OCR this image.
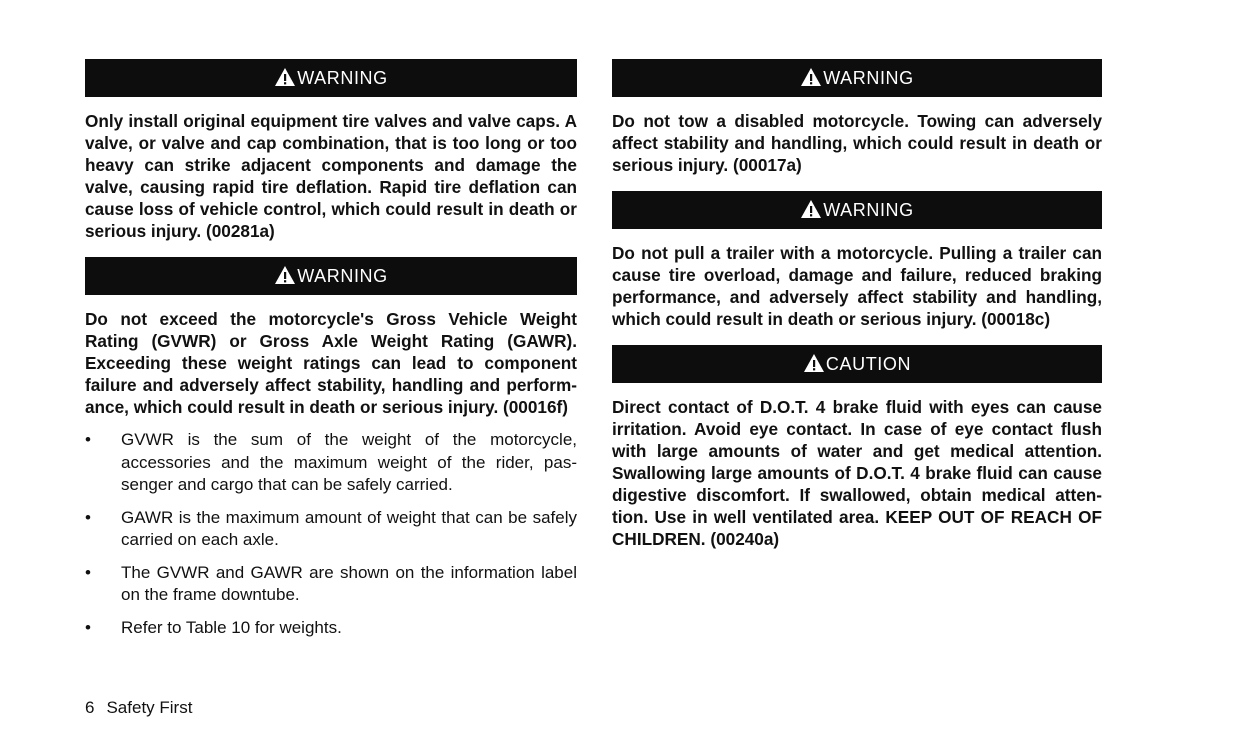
WARNING

Only install original equipment tire valves and valve caps. A valve, or valve and cap combination, that is too long or too heavy can strike adjacent components and damage the valve, causing rapid tire deflation. Rapid tire deflation can cause loss of vehicle control, which could result in death or serious injury. (00281a)

WARNING

Do not exceed the motorcycle's Gross Vehicle Weight Rating (GVWR) or Gross Axle Weight Rating (GAWR). Exceeding these weight ratings can lead to component failure and adversely affect stability, handling and perform-ance, which could result in death or serious injury. (00016f)

• GVWR is the sum of the weight of the motorcycle, accessories and the maximum weight of the rider, pas-senger and cargo that can be safely carried.
• GAWR is the maximum amount of weight that can be safely carried on each axle.
• The GVWR and GAWR are shown on the information label on the frame downtube.
• Refer to Table 10 for weights.
WARNING

Do not tow a disabled motorcycle. Towing can adversely affect stability and handling, which could result in death or serious injury. (00017a)

WARNING

Do not pull a trailer with a motorcycle. Pulling a trailer can cause tire overload, damage and failure, reduced braking performance, and adversely affect stability and handling, which could result in death or serious injury. (00018c)

CAUTION

Direct contact of D.O.T. 4 brake fluid with eyes can cause irritation. Avoid eye contact. In case of eye contact flush with large amounts of water and get medical attention. Swallowing large amounts of D.O.T. 4 brake fluid can cause digestive discomfort. If swallowed, obtain medical atten-tion. Use in well ventilated area. KEEP OUT OF REACH OF CHILDREN. (00240a)

6 Safety First
